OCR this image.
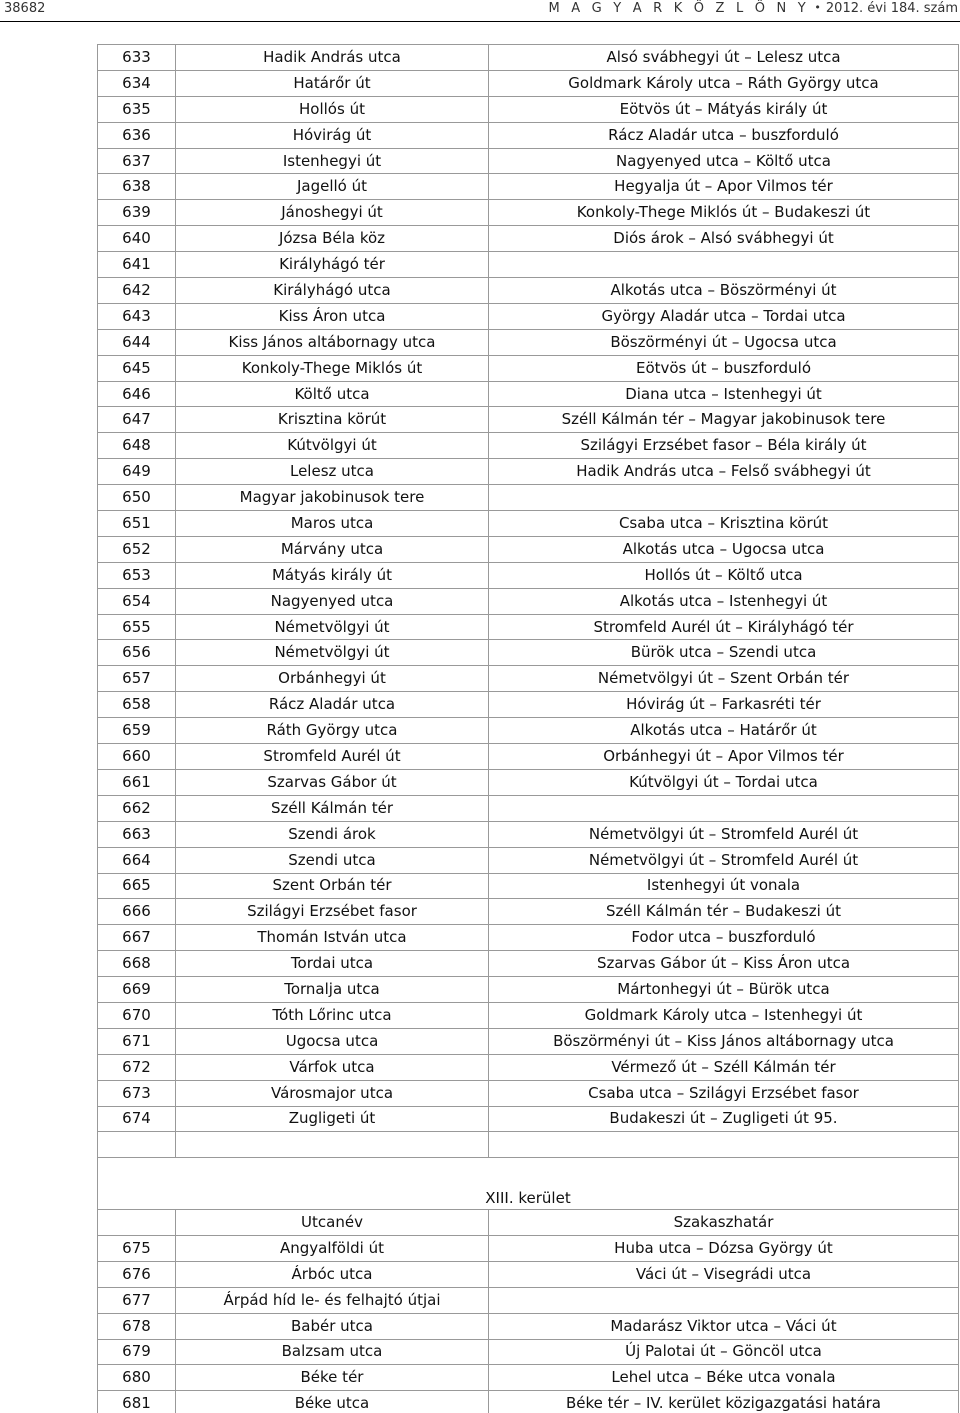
38682	M A G Y A R K Ö Z L Ö N Y • 2012. évi 184. szám
633	Hadik András utca	Alsó svábhegyi út – Lelesz utca
634	Határőr út	Goldmark Károly utca – Ráth György utca
635	Hollós út	Eötvös út – Mátyás király út
636	Hóvirág út	Rácz Aladár utca – buszforduló
637	Istenhegyi út	Nagyenyed utca – Költő utca
638	Jagelló út	Hegyalja út – Apor Vilmos tér
639	Jánoshegyi út	Konkoly-Thege Miklós út – Budakeszi út
640	Józsa Béla köz	Diós árok – Alsó svábhegyi út
641	Királyhágó tér	
642	Királyhágó utca	Alkotás utca – Böszörményi út
643	Kiss Áron utca	György Aladár utca – Tordai utca
644	Kiss János altábornagy utca	Böszörményi út – Ugocsa utca
645	Konkoly-Thege Miklós út	Eötvös út – buszforduló
646	Költő utca	Diana utca – Istenhegyi út
647	Krisztina körút	Széll Kálmán tér – Magyar jakobinusok tere
648	Kútvölgyi út	Szilágyi Erzsébet fasor – Béla király út
649	Lelesz utca	Hadik András utca – Felső svábhegyi út
650	Magyar jakobinusok tere	
651	Maros utca	Csaba utca – Krisztina körút
652	Márvány utca	Alkotás utca – Ugocsa utca
653	Mátyás király út	Hollós út – Költő utca
654	Nagyenyed utca	Alkotás utca – Istenhegyi út
655	Németvölgyi út	Stromfeld Aurél út – Királyhágó tér
656	Németvölgyi út	Bürök utca – Szendi utca
657	Orbánhegyi út	Németvölgyi út – Szent Orbán tér
658	Rácz Aladár utca	Hóvirág út – Farkasréti tér
659	Ráth György utca	Alkotás utca – Határőr út
660	Stromfeld Aurél út	Orbánhegyi út – Apor Vilmos tér
661	Szarvas Gábor út	Kútvölgyi út – Tordai utca
662	Széll Kálmán tér	
663	Szendi árok	Németvölgyi út – Stromfeld Aurél út
664	Szendi utca	Németvölgyi út – Stromfeld Aurél út
665	Szent Orbán tér	Istenhegyi út vonala
666	Szilágyi Erzsébet fasor	Széll Kálmán tér – Budakeszi út
667	Thomán István utca	Fodor utca – buszforduló
668	Tordai utca	Szarvas Gábor út – Kiss Áron utca
669	Tornalja utca	Mártonhegyi út – Bürök utca
670	Tóth Lőrinc utca	Goldmark Károly utca – Istenhegyi út
671	Ugocsa utca	Böszörményi út – Kiss János altábornagy utca
672	Várfok utca	Vérmező út – Széll Kálmán tér
673	Városmajor utca	Csaba utca – Szilágyi Erzsébet fasor
674	Zugligeti út	Budakeszi út – Zugligeti út 95.

XIII. kerület		
	Utcanév	Szakaszhatár
675	Angyalföldi út	Huba utca – Dózsa György út
676	Árbóc utca	Váci út – Visegrádi utca
677	Árpád híd le- és felhajtó útjai	
678	Babér utca	Madarász Viktor utca – Váci út
679	Balzsam utca	Új Palotai út – Göncöl utca
680	Béke tér	Lehel utca – Béke utca vonala
681	Béke utca	Béke tér – IV. kerület közigazgatási határa
